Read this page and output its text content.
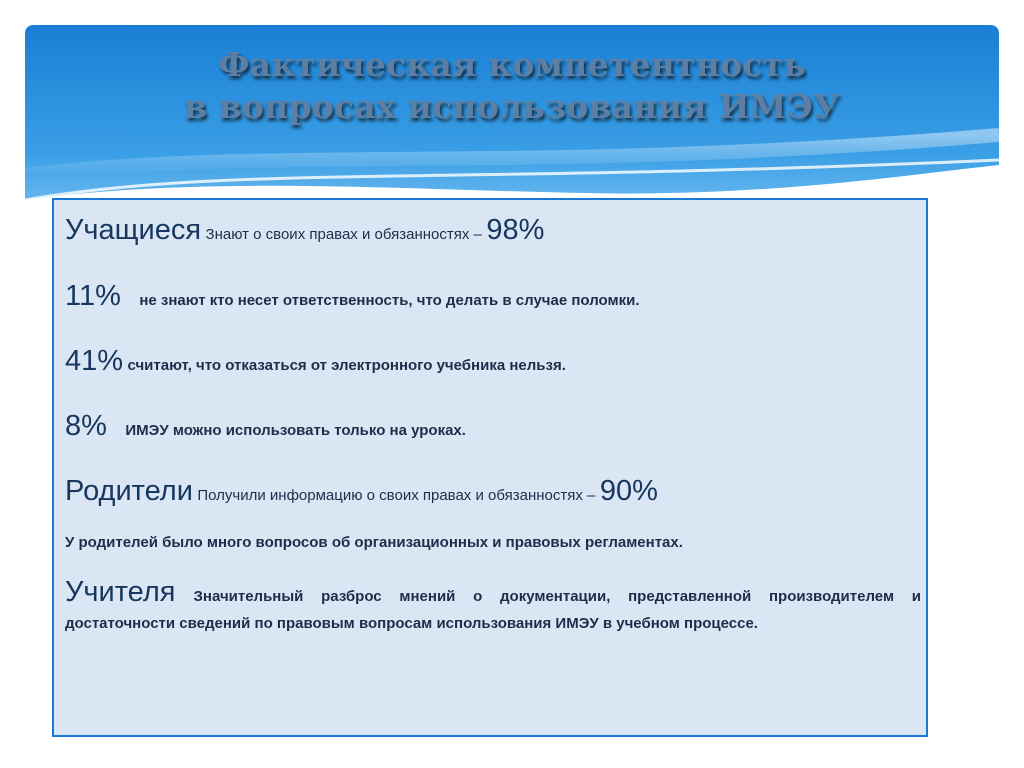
Фактическая компетентность
в вопросах использования ИМЭУ
Учащиеся Знают о своих правах и обязанностях – 98%
11% не знают кто несет ответственность, что делать в случае поломки.
41% считают, что отказаться от электронного учебника нельзя.
8% ИМЭУ можно использовать только на уроках.
Родители Получили информацию о своих правах и обязанностях – 90%
У родителей было много вопросов об организационных и правовых регламентах.
Учителя Значительный разброс мнений о документации, представленной производителем и достаточности сведений по правовым вопросам использования ИМЭУ в учебном процессе.
